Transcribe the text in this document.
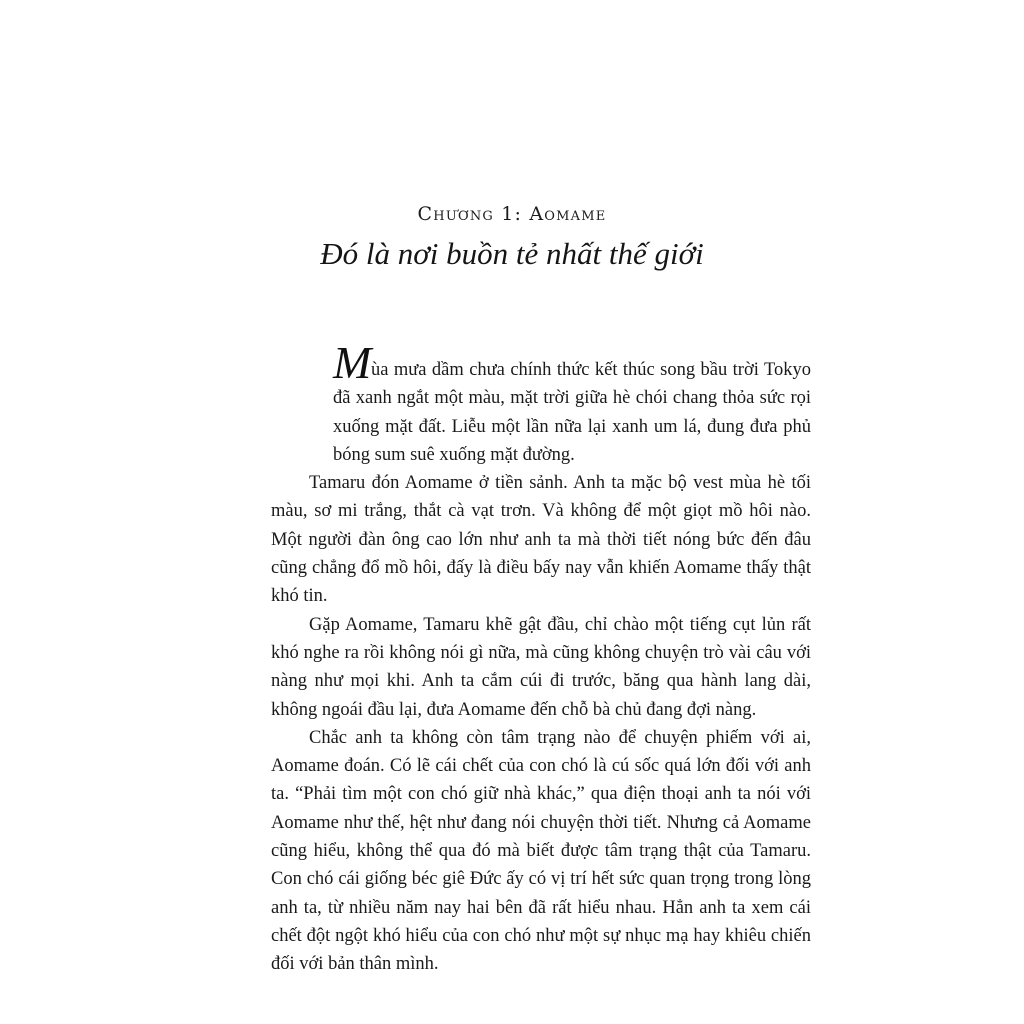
Chương 1: Aomame
Đó là nơi buồn tẻ nhất thế giới

M ùa mưa dầm chưa chính thức kết thúc song bầu trời Tokyo đã xanh ngắt một màu, mặt trời giữa hè chói chang thỏa sức rọi xuống mặt đất. Liễu một lần nữa lại xanh um lá, đung đưa phủ bóng sum suê xuống mặt đường.

Tamaru đón Aomame ở tiền sảnh. Anh ta mặc bộ vest mùa hè tối màu, sơ mi trắng, thắt cà vạt trơn. Và không để một giọt mồ hôi nào. Một người đàn ông cao lớn như anh ta mà thời tiết nóng bức đến đâu cũng chẳng đổ mồ hôi, đấy là điều bấy nay vẫn khiến Aomame thấy thật khó tin.

Gặp Aomame, Tamaru khẽ gật đầu, chỉ chào một tiếng cụt lủn rất khó nghe ra rồi không nói gì nữa, mà cũng không chuyện trò vài câu với nàng như mọi khi. Anh ta cắm cúi đi trước, băng qua hành lang dài, không ngoái đầu lại, đưa Aomame đến chỗ bà chủ đang đợi nàng.

Chắc anh ta không còn tâm trạng nào để chuyện phiếm với ai, Aomame đoán. Có lẽ cái chết của con chó là cú sốc quá lớn đối với anh ta. “Phải tìm một con chó giữ nhà khác,” qua điện thoại anh ta nói với Aomame như thế, hệt như đang nói chuyện thời tiết. Nhưng cả Aomame cũng hiểu, không thể qua đó mà biết được tâm trạng thật của Tamaru. Con chó cái giống béc giê Đức ấy có vị trí hết sức quan trọng trong lòng anh ta, từ nhiều năm nay hai bên đã rất hiểu nhau. Hẳn anh ta xem cái chết đột ngột khó hiểu của con chó như một sự nhục mạ hay khiêu chiến đối với bản thân mình.
